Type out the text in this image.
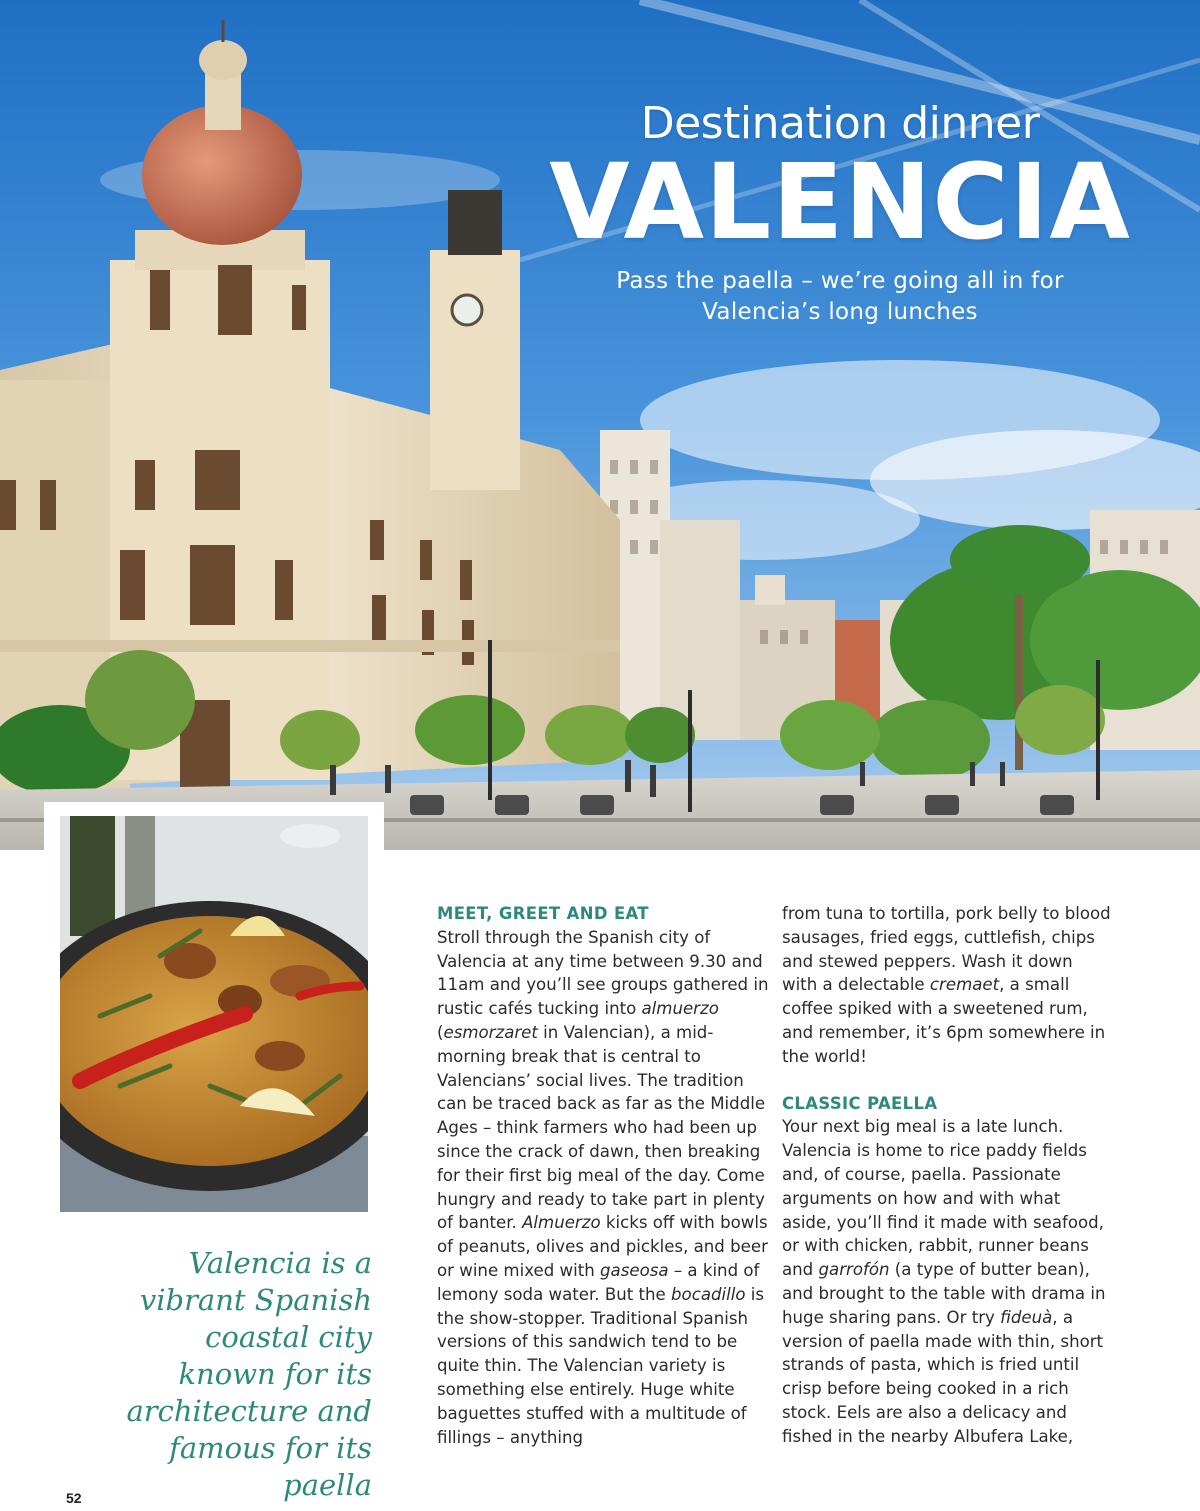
Destination dinner

VALENCIA

Pass the paella – we’re going all in for Valencia’s long lunches

Valencia is a vibrant Spanish coastal city known for its architecture and famous for its paella

MEET, GREET AND EAT

Stroll through the Spanish city of Valencia at any time between 9.30 and 11am and you’ll see groups gathered in rustic cafés tucking into almuerzo (esmorzaret in Valencian), a mid-morning break that is central to Valencians’ social lives. The tradition can be traced back as far as the Middle Ages – think farmers who had been up since the crack of dawn, then breaking for their first big meal of the day. Come hungry and ready to take part in plenty of banter. Almuerzo kicks off with bowls of peanuts, olives and pickles, and beer or wine mixed with gaseosa – a kind of lemony soda water. But the bocadillo is the show-stopper. Traditional Spanish versions of this sandwich tend to be quite thin. The Valencian variety is something else entirely. Huge white baguettes stuffed with a multitude of fillings – anything

from tuna to tortilla, pork belly to blood sausages, fried eggs, cuttlefish, chips and stewed peppers. Wash it down with a delectable cremaet, a small coffee spiked with a sweetened rum, and remember, it’s 6pm somewhere in the world!

CLASSIC PAELLA

Your next big meal is a late lunch. Valencia is home to rice paddy fields and, of course, paella. Passionate arguments on how and with what aside, you’ll find it made with seafood, or with chicken, rabbit, runner beans and garrofón (a type of butter bean), and brought to the table with drama in huge sharing pans. Or try fideuà, a version of paella made with thin, short strands of pasta, which is fried until crisp before being cooked in a rich stock. Eels are also a delicacy and fished in the nearby Albufera Lake,

52
